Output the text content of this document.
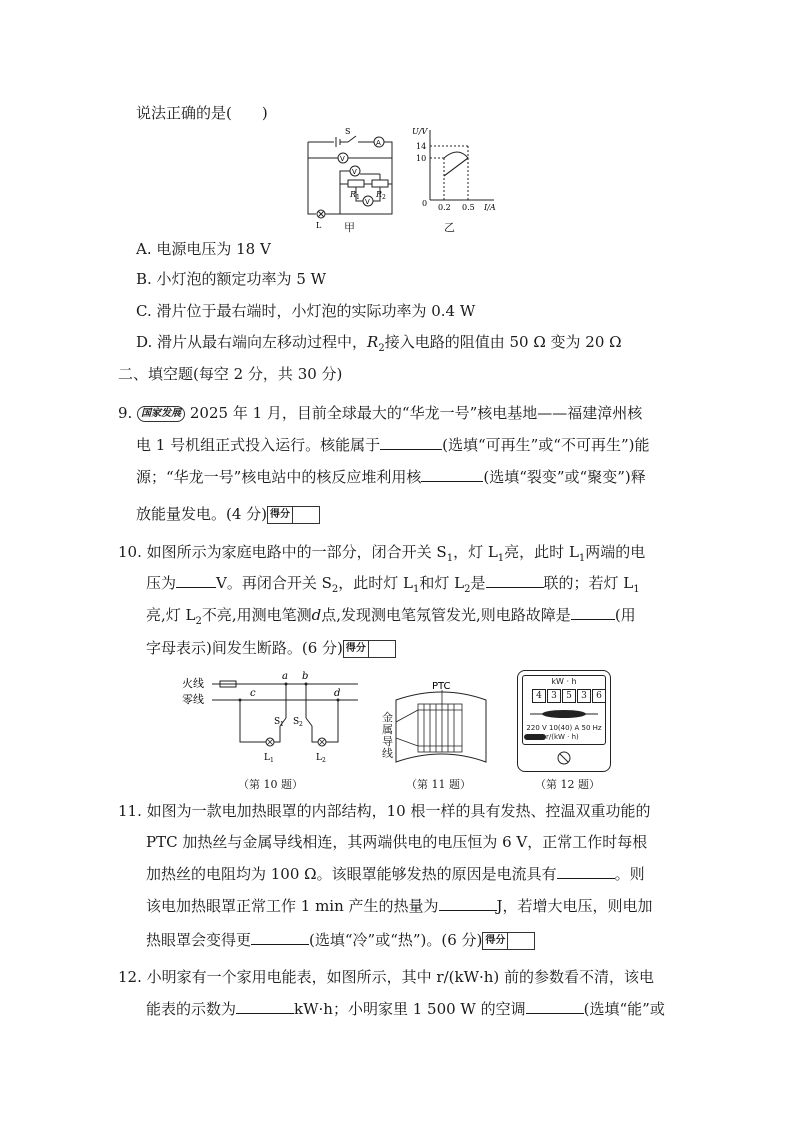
说法正确的是(　　)
S
A
V
V
V
L
R 1 R 2
甲
U/V
I/A
14
10
0 0.2 0.5
乙
A. 电源电压为 18 V
B. 小灯泡的额定功率为 5 W
C. 滑片位于最右端时，小灯泡的实际功率为 0.4 W
D. 滑片从最右端向左移动过程中，$R_2$接入电路的阻值由 50 Ω 变为 20 Ω
二、填空题(每空 2 分，共 30 分)
9. 国家发展 2025 年 1 月，目前全球最大的“华龙一号”核电基地——福建漳州核
电 1 号机组正式投入运行。核能属于	(选填“可再生”或“不可再生”)能
源；“华龙一号”核电站中的核反应堆利用核	(选填“裂变”或“聚变”)释
放能量发电。(4 分) 得分
10. 如图所示为家庭电路中的一部分，闭合开关 $S_1$，灯 $L_1$亮，此时 $L_1$两端的电
压为	V。再闭合开关 $S_2$，此时灯 $L_1$和灯 $L_2$是	联的；若灯 $L_1$
亮,灯 $L_2$不亮,用测电笔测d点,发现测电笔氖管发光,则电路故障是	(用
字母表示)间发生断路。(6 分) 得分
火线
零线
a b
c	d
S 1 S 2
L 1	L 2
（第 10 题）
PTC
金属导线
（第 11 题）
kW · h
4	3	5	3	6
220 V 10(40) A 50 Hz
r/(kW · h)
（第 12 题）
11. 如图为一款电加热眼罩的内部结构，10 根一样的具有发热、控温双重功能的
PTC 加热丝与金属导线相连，其两端供电的电压恒为 6 V，正常工作时每根
加热丝的电阻均为 100 Ω。该眼罩能够发热的原因是电流具有	。则
该电加热眼罩正常工作 1 min 产生的热量为	J，若增大电压，则电加
热眼罩会变得更	(选填“冷”或“热”)。(6 分) 得分
12. 小明家有一个家用电能表，如图所示，其中 r/(kW·h) 前的参数看不清，该电
能表的示数为	kW·h；小明家里 1 500 W 的空调	(选填“能”或
